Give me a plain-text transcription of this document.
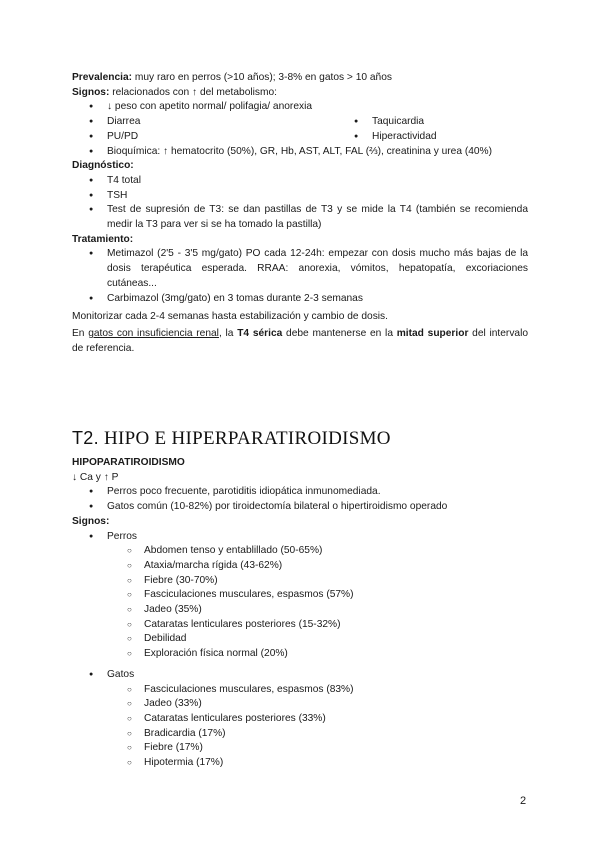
Prevalencia: muy raro en perros (>10 años); 3-8% en gatos > 10 años
Signos: relacionados con ↑ del metabolismo:
● ↓ peso con apetito normal/ polifagia/ anorexia
● Diarrea
● PU/PD
● Taquicardia
● Hiperactividad
● Bioquímica: ↑ hematocrito (50%), GR, Hb, AST, ALT, FAL (⅔), creatinina y urea (40%)
Diagnóstico:
● T4 total
● TSH
● Test de supresión de T3: se dan pastillas de T3 y se mide la T4 (también se recomienda medir la T3 para ver si se ha tomado la pastilla)
Tratamiento:
● Metimazol (2'5 - 3'5 mg/gato) PO cada 12-24h: empezar con dosis mucho más bajas de la dosis terapéutica esperada. RRAA: anorexia, vómitos, hepatopatía, excoriaciones cutáneas...
● Carbimazol (3mg/gato) en 3 tomas durante 2-3 semanas
Monitorizar cada 2-4 semanas hasta estabilización y cambio de dosis.
En gatos con insuficiencia renal, la T4 sérica debe mantenerse en la mitad superior del intervalo de referencia.
T2. HIPO E HIPERPARATIROIDISMO
HIPOPARATIROIDISMO
↓ Ca y ↑ P
● Perros poco frecuente, parotiditis idiopática inmunomediada.
● Gatos común (10-82%) por tiroidectomía bilateral o hipertiroidismo operado
Signos:
● Perros
○ Abdomen tenso y entablillado (50-65%)
○ Ataxia/marcha rígida (43-62%)
○ Fiebre (30-70%)
○ Fasciculaciones musculares, espasmos (57%)
○ Jadeo (35%)
○ Cataratas lenticulares posteriores (15-32%)
○ Debilidad
○ Exploración física normal (20%)
● Gatos
○ Fasciculaciones musculares, espasmos (83%)
○ Jadeo (33%)
○ Cataratas lenticulares posteriores (33%)
○ Bradicardia (17%)
○ Fiebre (17%)
○ Hipotermia (17%)
2
